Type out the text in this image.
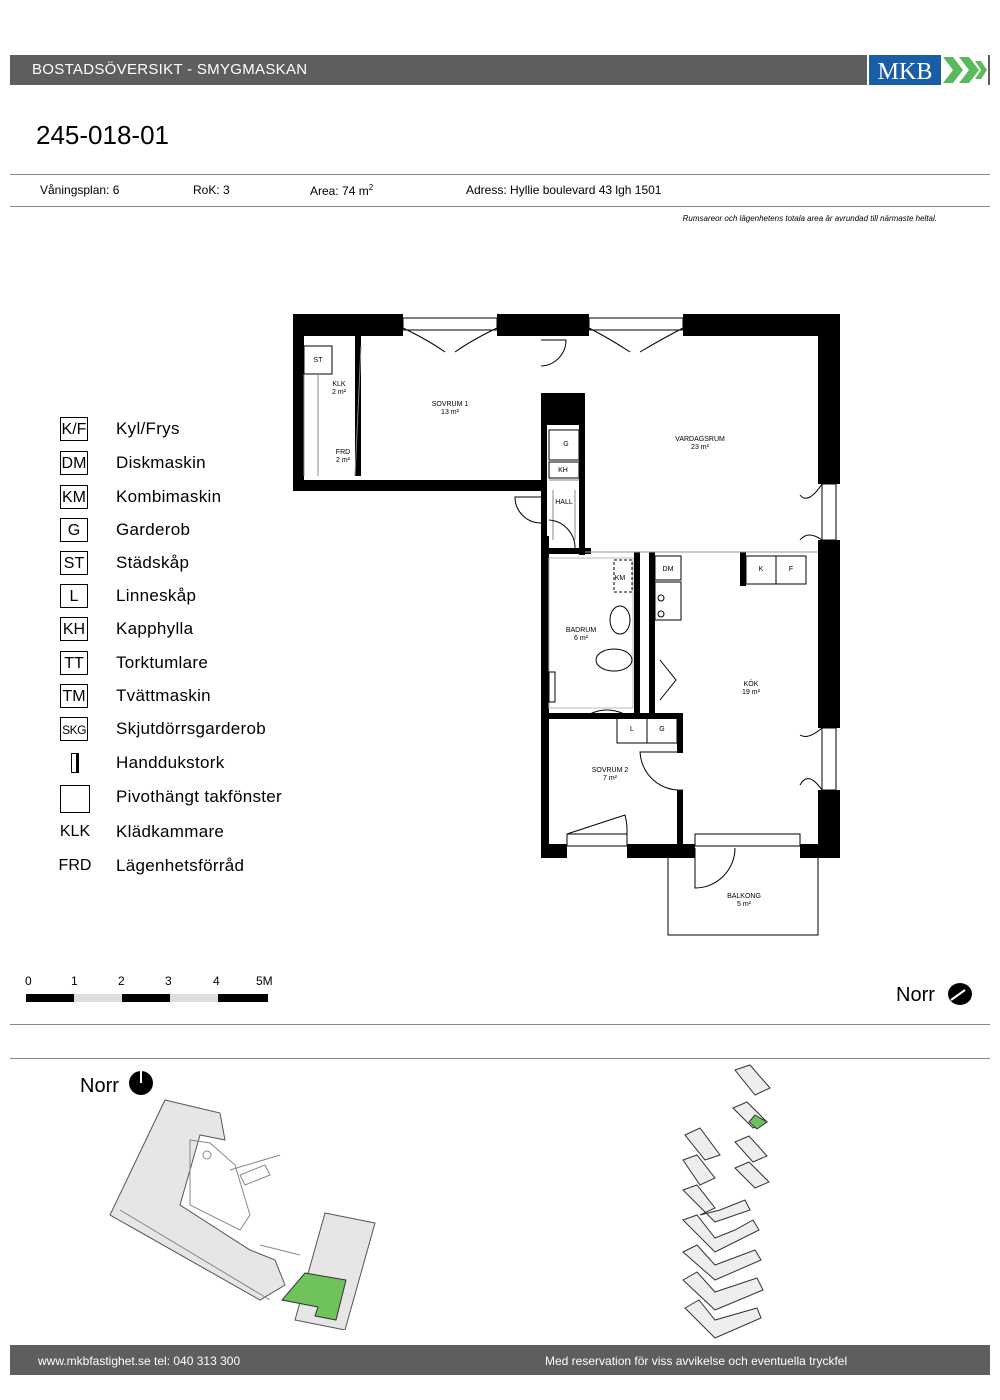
BOSTADSÖVERSIKT - SMYGMASKAN	MKB
245-018-01
Våningsplan: 6	RoK: 3	Area: 74 $m^2$	Adress: Hyllie boulevard 43 lgh 1501
Rumsareor och lägenhetens totala area är avrundad till närmaste heltal.
K/F Kyl/Frys
DM Diskmaskin
KM Kombimaskin
G	Garderob
ST Städskåp
L	Linneskåp
KH Kapphylla
TT Torktumlare
TM Tvättmaskin
SKG Skjutdörrsgarderob
Handdukstork
Pivothängt takfönster
KLK Klädkammare
FRD Lägenhetsförråd
SOVRUM 1
13 m²
KLK
2 m²
FRD
2 m²
VARDAGSRUM
23 m²
BADRUM
6 m²
KÖK
19 m²
SOVRUM 2
7 m²
BALKONG
5 m²
HALL
ST
G
KH
DM
KM
K	F
L	G
0	1	2	3	4	5M
Norr
Norr
www.mkbfastighet.se tel: 040 313 300	Med reservation för viss avvikelse och eventuella tryckfel
